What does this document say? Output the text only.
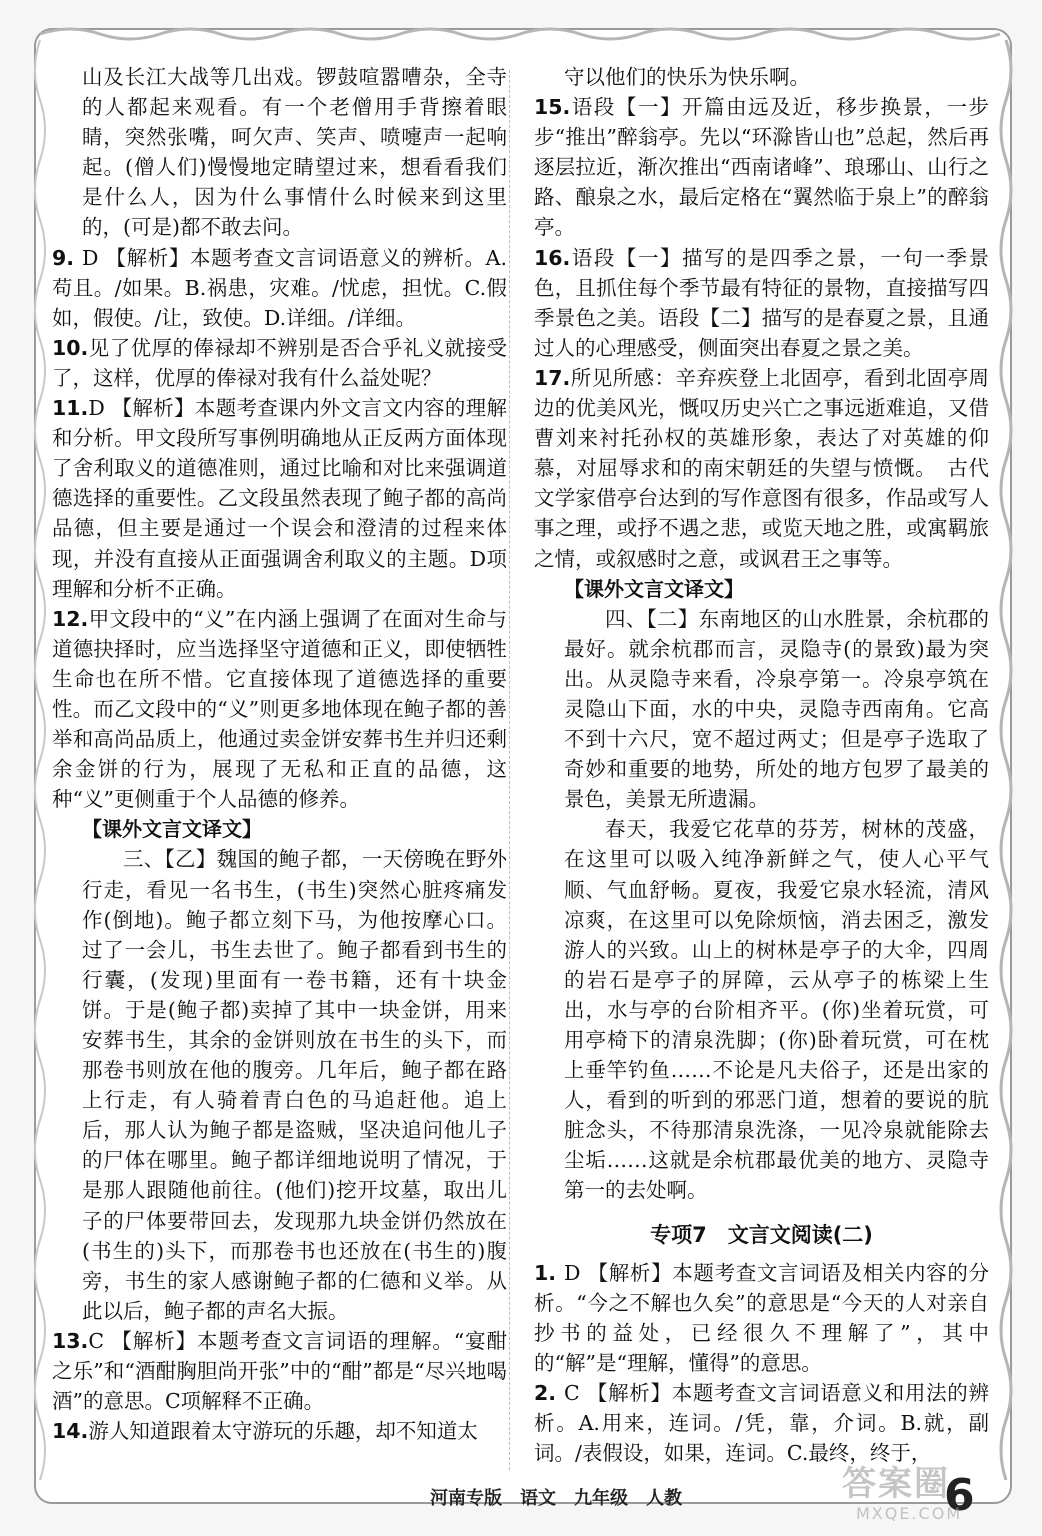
山及长江大战等几出戏。锣鼓喧嚣嘈杂，全寺的人都起来观看。有一个老僧用手背擦着眼睛，突然张嘴，呵欠声、笑声、喷嚏声一起响起。(僧人们)慢慢地定睛望过来，想看看我们是什么人，因为什么事情什么时候来到这里的，(可是)都不敢去问。

9. D 【解析】本题考查文言词语意义的辨析。A.苟且。/如果。B.祸患，灾难。/忧虑，担忧。C.假如，假使。/让，致使。D.详细。/详细。

10.见了优厚的俸禄却不辨别是否合乎礼义就接受了，这样，优厚的俸禄对我有什么益处呢？

11.D 【解析】本题考查课内外文言文内容的理解和分析。甲文段所写事例明确地从正反两方面体现了舍利取义的道德准则，通过比喻和对比来强调道德选择的重要性。乙文段虽然表现了鲍子都的高尚品德，但主要是通过一个误会和澄清的过程来体现，并没有直接从正面强调舍利取义的主题。D项理解和分析不正确。

12.甲文段中的“义”在内涵上强调了在面对生命与道德抉择时，应当选择坚守道德和正义，即使牺牲生命也在所不惜。它直接体现了道德选择的重要性。而乙文段中的“义”则更多地体现在鲍子都的善举和高尚品质上，他通过卖金饼安葬书生并归还剩余金饼的行为，展现了无私和正直的品德，这种“义”更侧重于个人品德的修养。

【课外文言文译文】

三、【乙】魏国的鲍子都，一天傍晚在野外行走，看见一名书生，(书生)突然心脏疼痛发作(倒地)。鲍子都立刻下马，为他按摩心口。过了一会儿，书生去世了。鲍子都看到书生的行囊，(发现)里面有一卷书籍，还有十块金饼。于是(鲍子都)卖掉了其中一块金饼，用来安葬书生，其余的金饼则放在书生的头下，而那卷书则放在他的腹旁。几年后，鲍子都在路上行走，有人骑着青白色的马追赶他。追上后，那人认为鲍子都是盗贼，坚决追问他儿子的尸体在哪里。鲍子都详细地说明了情况，于是那人跟随他前往。(他们)挖开坟墓，取出儿子的尸体要带回去，发现那九块金饼仍然放在(书生的)头下，而那卷书也还放在(书生的)腹旁，书生的家人感谢鲍子都的仁德和义举。从此以后，鲍子都的声名大振。

13.C 【解析】本题考查文言词语的理解。“宴酣之乐”和“酒酣胸胆尚开张”中的“酣”都是“尽兴地喝酒”的意思。C项解释不正确。

14.游人知道跟着太守游玩的乐趣，却不知道太

守以他们的快乐为快乐啊。

15.语段【一】开篇由远及近，移步换景，一步步“推出”醉翁亭。先以“环滁皆山也”总起，然后再逐层拉近，渐次推出“西南诸峰”、琅琊山、山行之路、酿泉之水，最后定格在“翼然临于泉上”的醉翁亭。

16.语段【一】描写的是四季之景，一句一季景色，且抓住每个季节最有特征的景物，直接描写四季景色之美。语段【二】描写的是春夏之景，且通过人的心理感受，侧面突出春夏之景之美。

17.所见所感：辛弃疾登上北固亭，看到北固亭周边的优美风光，慨叹历史兴亡之事远逝难追，又借曹刘来衬托孙权的英雄形象，表达了对英雄的仰慕，对屈辱求和的南宋朝廷的失望与愤慨。　古代文学家借亭台达到的写作意图有很多，作品或写人事之理，或抒不遇之悲，或览天地之胜，或寓羁旅之情，或叙感时之意，或讽君王之事等。

【课外文言文译文】

四、【二】东南地区的山水胜景，余杭郡的最好。就余杭郡而言，灵隐寺(的景致)最为突出。从灵隐寺来看，冷泉亭第一。冷泉亭筑在灵隐山下面，水的中央，灵隐寺西南角。它高不到十六尺，宽不超过两丈；但是亭子选取了奇妙和重要的地势，所处的地方包罗了最美的景色，美景无所遗漏。

春天，我爱它花草的芬芳，树林的茂盛，在这里可以吸入纯净新鲜之气，使人心平气顺、气血舒畅。夏夜，我爱它泉水轻流，清风凉爽，在这里可以免除烦恼，消去困乏，激发游人的兴致。山上的树林是亭子的大伞，四周的岩石是亭子的屏障，云从亭子的栋梁上生出，水与亭的台阶相齐平。(你)坐着玩赏，可用亭椅下的清泉洗脚；(你)卧着玩赏，可在枕上垂竿钓鱼……不论是凡夫俗子，还是出家的人，看到的听到的邪恶门道，想着的要说的肮脏念头，不待那清泉洗涤，一见冷泉就能除去尘垢……这就是余杭郡最优美的地方、灵隐寺第一的去处啊。

专项7　文言文阅读(二)

1. D 【解析】本题考查文言词语及相关内容的分析。“今之不解也久矣”的意思是“今天的人对亲自抄书的益处，已经很久不理解了”，其中的“解”是“理解，懂得”的意思。

2. C 【解析】本题考查文言词语意义和用法的辨析。A.用来，连词。/凭，靠，介词。B.就，副词。/表假设，如果，连词。C.最终，终于，

河南专版　语文　九年级　人教	6
答案圈
MXQE.COM
